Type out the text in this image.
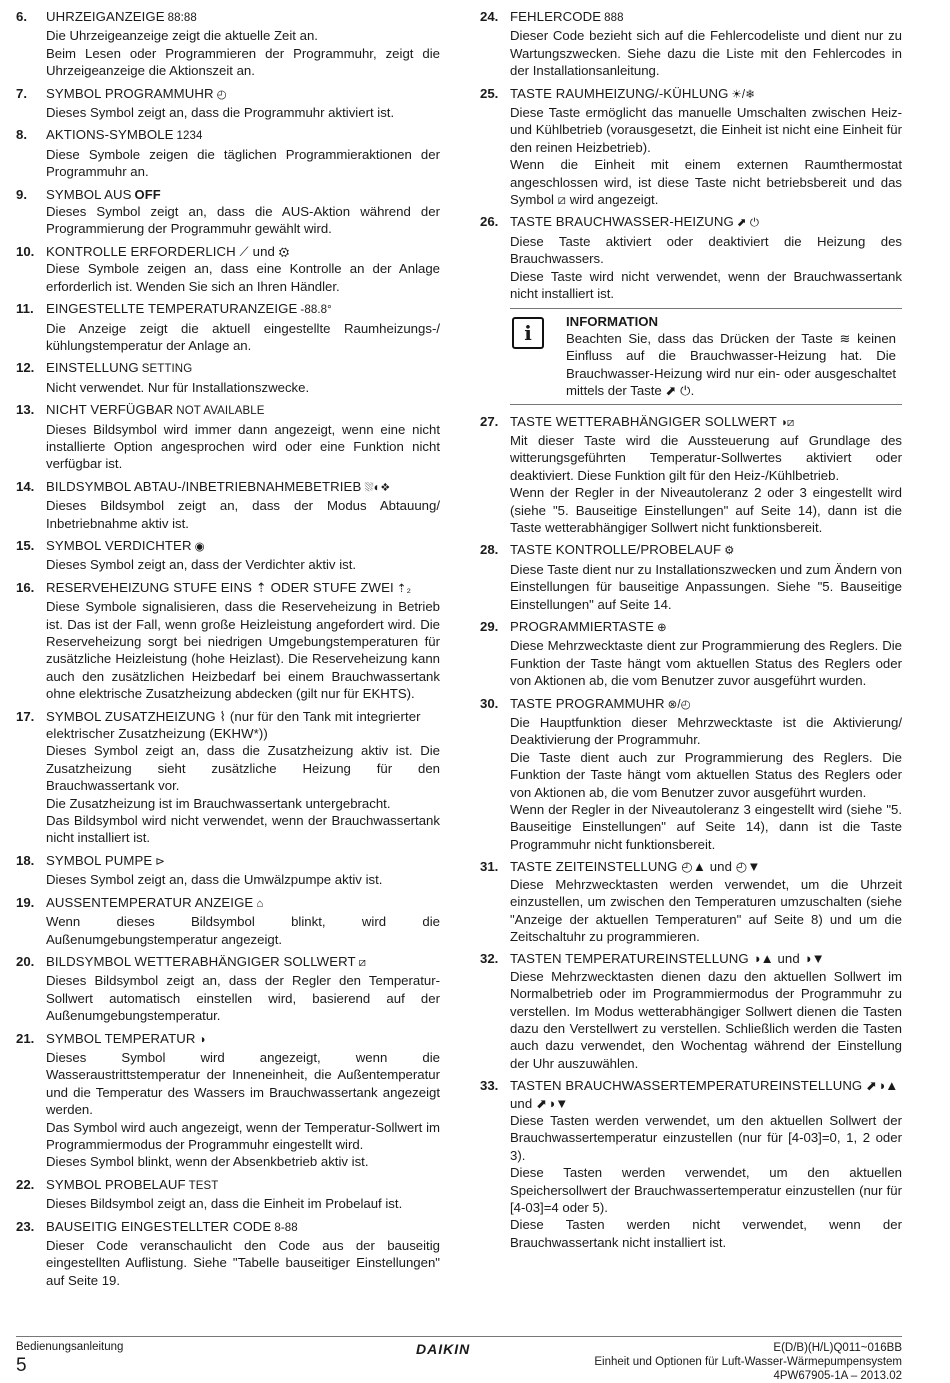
6. UHRZEIGANZEIGE 88:88

Die Uhrzeigeanzeige zeigt die aktuelle Zeit an.

Beim Lesen oder Programmieren der Programmuhr, zeigt die Uhrzeigeanzeige die Aktionszeit an.

7. SYMBOL PROGRAMMUHR ◴

Dieses Symbol zeigt an, dass die Programmuhr aktiviert ist.

8. AKTIONS-SYMBOLE 1234

Diese Symbole zeigen die täglichen Programmieraktionen der Programmuhr an.

9. SYMBOL AUS OFF

Dieses Symbol zeigt an, dass die AUS-Aktion während der Programmierung der Programmuhr gewählt wird.

10. KONTROLLE ERFORDERLICH ⟋ und ⚙

Diese Symbole zeigen an, dass eine Kontrolle an der Anlage erforderlich ist. Wenden Sie sich an Ihren Händler.

11. EINGESTELLTE TEMPERATURANZEIGE -88.8°

Die Anzeige zeigt die aktuell eingestellte Raumheizungs-/ kühlungstemperatur der Anlage an.

12. EINSTELLUNG SETTING

Nicht verwendet. Nur für Installationszwecke.

13. NICHT VERFÜGBAR NOT AVAILABLE

Dieses Bildsymbol wird immer dann angezeigt, wenn eine nicht installierte Option angesprochen wird oder eine Funktion nicht verfügbar ist.

14. BILDSYMBOL ABTAU-/INBETRIEBNAHMEBETRIEB ⛆◐❖

Dieses Bildsymbol zeigt an, dass der Modus Abtauung/ Inbetriebnahme aktiv ist.

15. SYMBOL VERDICHTER ◉

Dieses Symbol zeigt an, dass der Verdichter aktiv ist.

16. RESERVEHEIZUNG STUFE EINS ⇡ ODER STUFE ZWEI ⇡₂

Diese Symbole signalisieren, dass die Reserveheizung in Betrieb ist. Das ist der Fall, wenn große Heizleistung angefordert wird. Die Reserveheizung sorgt bei niedrigen Umgebungstemperaturen für zusätzliche Heizleistung (hohe Heizlast). Die Reserveheizung kann auch den zusätzlichen Heizbedarf bei einem Brauchwassertank ohne elektrische Zusatzheizung abdecken (gilt nur für EKHTS).

17. SYMBOL ZUSATZHEIZUNG ⌇ (nur für den Tank mit integrierter elektrischer Zusatzheizung (EKHW*))

Dieses Symbol zeigt an, dass die Zusatzheizung aktiv ist. Die Zusatzheizung sieht zusätzliche Heizung für den Brauchwassertank vor.

Die Zusatzheizung ist im Brauchwassertank untergebracht.

Das Bildsymbol wird nicht verwendet, wenn der Brauchwassertank nicht installiert ist.

18. SYMBOL PUMPE ⊳

Dieses Symbol zeigt an, dass die Umwälzpumpe aktiv ist.

19. AUSSENTEMPERATUR ANZEIGE ⌂

Wenn dieses Bildsymbol blinkt, wird die Außenumgebungstemperatur angezeigt.

20. BILDSYMBOL WETTERABHÄNGIGER SOLLWERT ⧄

Dieses Bildsymbol zeigt an, dass der Regler den Temperatur-Sollwert automatisch einstellen wird, basierend auf der Außenumgebungstemperatur.

21. SYMBOL TEMPERATUR ◑

Dieses Symbol wird angezeigt, wenn die Wasseraustrittstemperatur der Inneneinheit, die Außentemperatur und die Temperatur des Wassers im Brauchwassertank angezeigt werden.

Das Symbol wird auch angezeigt, wenn der Temperatur-Sollwert im Programmiermodus der Programmuhr eingestellt wird.

Dieses Symbol blinkt, wenn der Absenkbetrieb aktiv ist.

22. SYMBOL PROBELAUF TEST

Dieses Bildsymbol zeigt an, dass die Einheit im Probelauf ist.

23. BAUSEITIG EINGESTELLTER CODE 8-88

Dieser Code veranschaulicht den Code aus der bauseitig eingestellten Auflistung. Siehe "Tabelle bauseitiger Einstellungen" auf Seite 19.

24. FEHLERCODE 888

Dieser Code bezieht sich auf die Fehlercodeliste und dient nur zu Wartungszwecken. Siehe dazu die Liste mit den Fehlercodes in der Installationsanleitung.

25. TASTE RAUMHEIZUNG/-KÜHLUNG ☀/❄

Diese Taste ermöglicht das manuelle Umschalten zwischen Heiz- und Kühlbetrieb (vorausgesetzt, die Einheit ist nicht eine Einheit für den reinen Heizbetrieb).

Wenn die Einheit mit einem externen Raumthermostat angeschlossen wird, ist diese Taste nicht betriebsbereit und das Symbol ⧄ wird angezeigt.

26. TASTE BRAUCHWASSER-HEIZUNG ⬈ ⏻

Diese Taste aktiviert oder deaktiviert die Heizung des Brauchwassers.

Diese Taste wird nicht verwendet, wenn der Brauchwassertank nicht installiert ist.

i	INFORMATION
Beachten Sie, dass das Drücken der Taste ≋ keinen Einfluss auf die Brauchwasser-Heizung hat. Die Brauchwasser-Heizung wird nur ein- oder ausgeschaltet mittels der Taste ⬈ ⏻.
27. TASTE WETTERABHÄNGIGER SOLLWERT ◑⧄

Mit dieser Taste wird die Aussteuerung auf Grundlage des witterungsgeführten Temperatur-Sollwertes aktiviert oder deaktiviert. Diese Funktion gilt für den Heiz-/Kühlbetrieb.

Wenn der Regler in der Niveautoleranz 2 oder 3 eingestellt wird (siehe "5. Bauseitige Einstellungen" auf Seite 14), dann ist die Taste wetterabhängiger Sollwert nicht funktionsbereit.

28. TASTE KONTROLLE/PROBELAUF ⚙

Diese Taste dient nur zu Installationszwecken und zum Ändern von Einstellungen für bauseitige Anpassungen. Siehe "5. Bauseitige Einstellungen" auf Seite 14.

29. PROGRAMMIERTASTE ⊕

Diese Mehrzwecktaste dient zur Programmierung des Reglers. Die Funktion der Taste hängt vom aktuellen Status des Reglers oder von Aktionen ab, die vom Benutzer zuvor ausgeführt wurden.

30. TASTE PROGRAMMUHR ⊗/◴

Die Hauptfunktion dieser Mehrzwecktaste ist die Aktivierung/ Deaktivierung der Programmuhr.

Die Taste dient auch zur Programmierung des Reglers. Die Funktion der Taste hängt vom aktuellen Status des Reglers oder von Aktionen ab, die vom Benutzer zuvor ausgeführt wurden.

Wenn der Regler in der Niveautoleranz 3 eingestellt wird (siehe "5. Bauseitige Einstellungen" auf Seite 14), dann ist die Taste Programmuhr nicht funktionsbereit.

31. TASTE ZEITEINSTELLUNG ◴▲ und ◴▼

Diese Mehrzwecktasten werden verwendet, um die Uhrzeit einzustellen, um zwischen den Temperaturen umzuschalten (siehe "Anzeige der aktuellen Temperaturen" auf Seite 8) und um die Zeitschaltuhr zu programmieren.

32. TASTEN TEMPERATUREINSTELLUNG ◑▲ und ◑▼

Diese Mehrzwecktasten dienen dazu den aktuellen Sollwert im Normalbetrieb oder im Programmiermodus der Programmuhr zu verstellen. Im Modus wetterabhängiger Sollwert dienen die Tasten dazu den Verstellwert zu verstellen. Schließlich werden die Tasten auch dazu verwendet, den Wochentag während der Einstellung der Uhr auszuwählen.

33. TASTEN BRAUCHWASSERTEMPERATUREINSTELLUNG ⬈◑▲ und ⬈◑▼

Diese Tasten werden verwendet, um den aktuellen Sollwert der Brauchwassertemperatur einzustellen (nur für [4-03]=0, 1, 2 oder 3).

Diese Tasten werden verwendet, um den aktuellen Speichersollwert der Brauchwassertemperatur einzustellen (nur für [4-03]=4 oder 5).

Diese Tasten werden nicht verwendet, wenn der Brauchwassertank nicht installiert ist.

Bedienungsanleitung
5
DAIKIN	E(D/B)(H/L)Q011~016BB
Einheit und Optionen für Luft-Wasser-Wärmepumpensystem
4PW67905-1A – 2013.02
